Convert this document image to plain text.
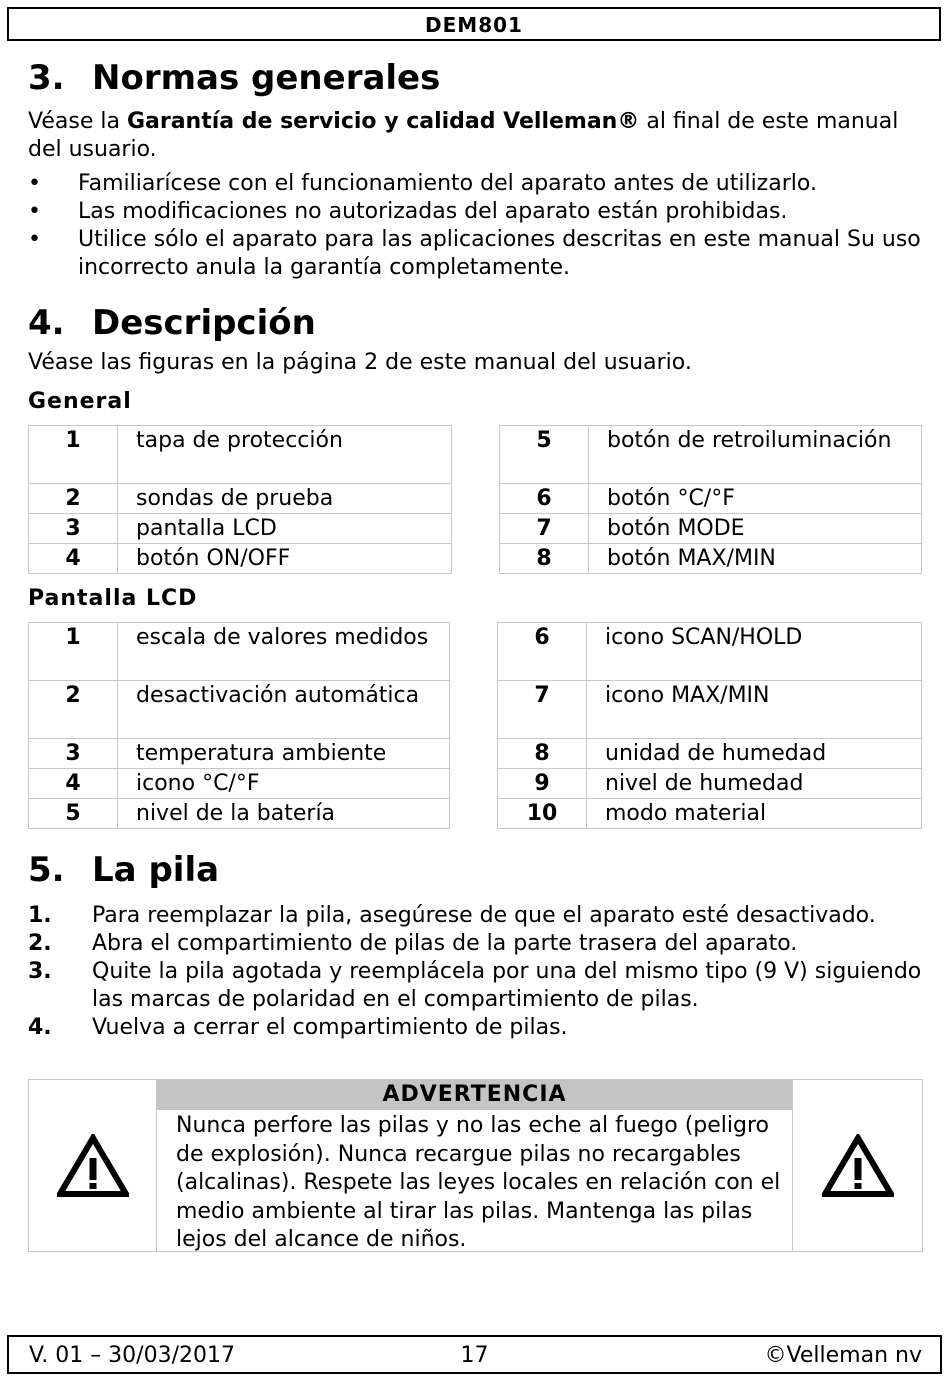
DEM801
3. Normas generales

Véase la Garantía de servicio y calidad Velleman® al final de este manual del usuario.

• Familiarícese con el funcionamiento del aparato antes de utilizarlo.
• Las modificaciones no autorizadas del aparato están prohibidas.
• Utilice sólo el aparato para las aplicaciones descritas en este manual Su uso incorrecto anula la garantía completamente.
4. Descripción

Véase las figuras en la página 2 de este manual del usuario.

General
1	tapa de protección
2	sondas de prueba
3	pantalla LCD
4	botón ON/OFF
5	botón de retroiluminación
6	botón °C/°F
7	botón MODE
8	botón MAX/MIN
Pantalla LCD
1	escala de valores medidos
2	desactivación automática
3	temperatura ambiente
4	icono °C/°F
5	nivel de la batería
6	icono SCAN/HOLD
7	icono MAX/MIN
8	unidad de humedad
9	nivel de humedad
10	modo material
5. La pila
1. Para reemplazar la pila, asegúrese de que el aparato esté desactivado.
2. Abra el compartimiento de pilas de la parte trasera del aparato.
3. Quite la pila agotada y reemplácela por una del mismo tipo (9 V) siguiendo las marcas de polaridad en el compartimiento de pilas.
4. Vuelva a cerrar el compartimiento de pilas.
ADVERTENCIA
Nunca perfore las pilas y no las eche al fuego (peligro de explosión). Nunca recargue pilas no recargables (alcalinas). Respete las leyes locales en relación con el medio ambiente al tirar las pilas. Mantenga las pilas lejos del alcance de niños.
V. 01 – 30/03/2017	17	©Velleman nv
